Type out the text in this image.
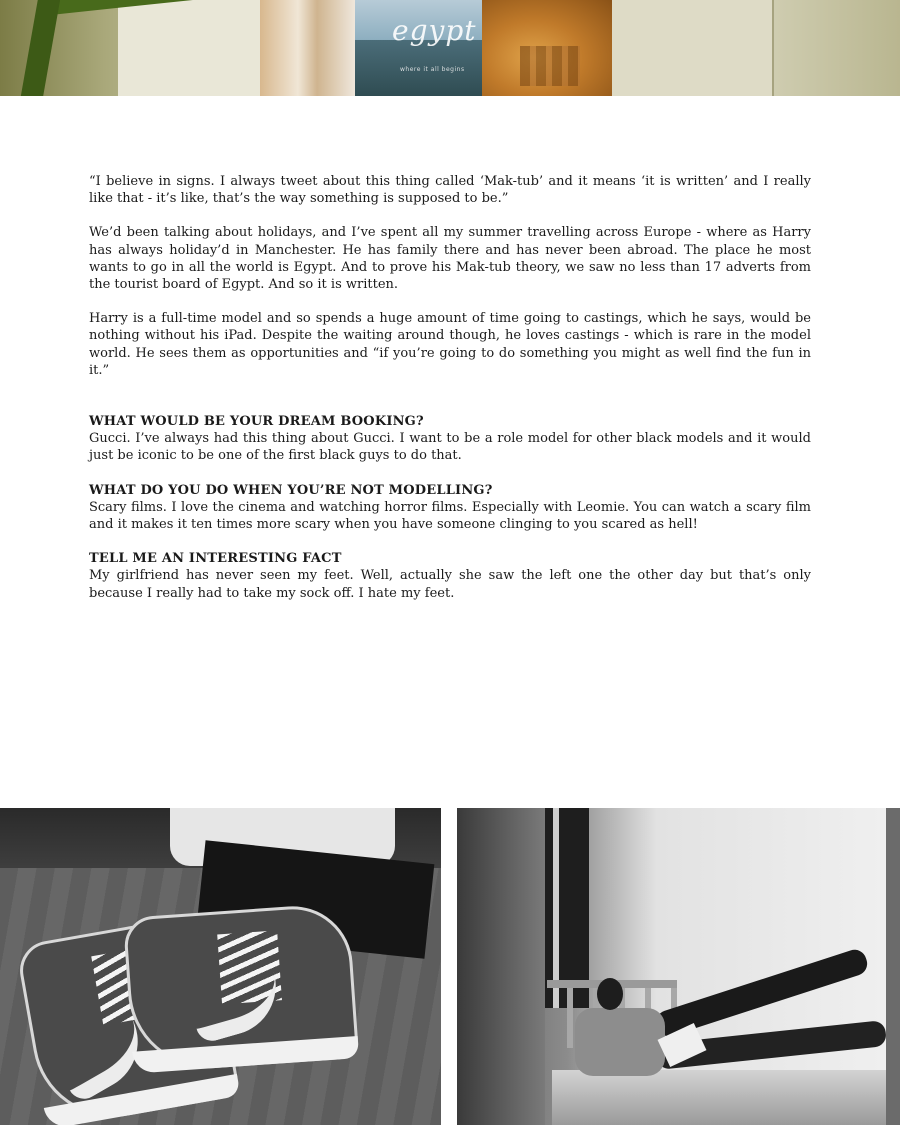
egypt
where it all begins

“I believe in signs. I always tweet about this thing called ‘Mak-tub’ and it means ‘it is written’ and I really like that - it’s like, that’s the way something is supposed to be.”

We’d been talking about holidays, and I’ve spent all my summer travelling across Europe - where as Harry has always holiday’d in Manchester. He has family there and has never been abroad. The place he most wants to go in all the world is Egypt. And to prove his Mak-tub theory, we saw no less than 17 adverts from the tourist board of Egypt. And so it is written.

Harry is a full-time model and so spends a huge amount of time going to castings, which he says, would be nothing without his iPad. Despite the waiting around though, he loves castings - which is rare in the model world. He sees them as opportunities and “if you’re going to do something you might as well find the fun in it.”

WHAT WOULD BE YOUR DREAM BOOKING?

Gucci. I’ve always had this thing about Gucci. I want to be a role model for other black models and it would just be iconic to be one of the first black guys to do that.

WHAT DO YOU DO WHEN YOU’RE NOT MODELLING?

Scary films. I love the cinema and watching horror films. Especially with Leomie. You can watch a scary film and it makes it ten times more scary when you have someone clinging to you scared as hell!

TELL ME AN INTERESTING FACT

My girlfriend has never seen my feet. Well, actually she saw the left one the other day but that’s only because I really had to take my sock off. I hate my feet.
